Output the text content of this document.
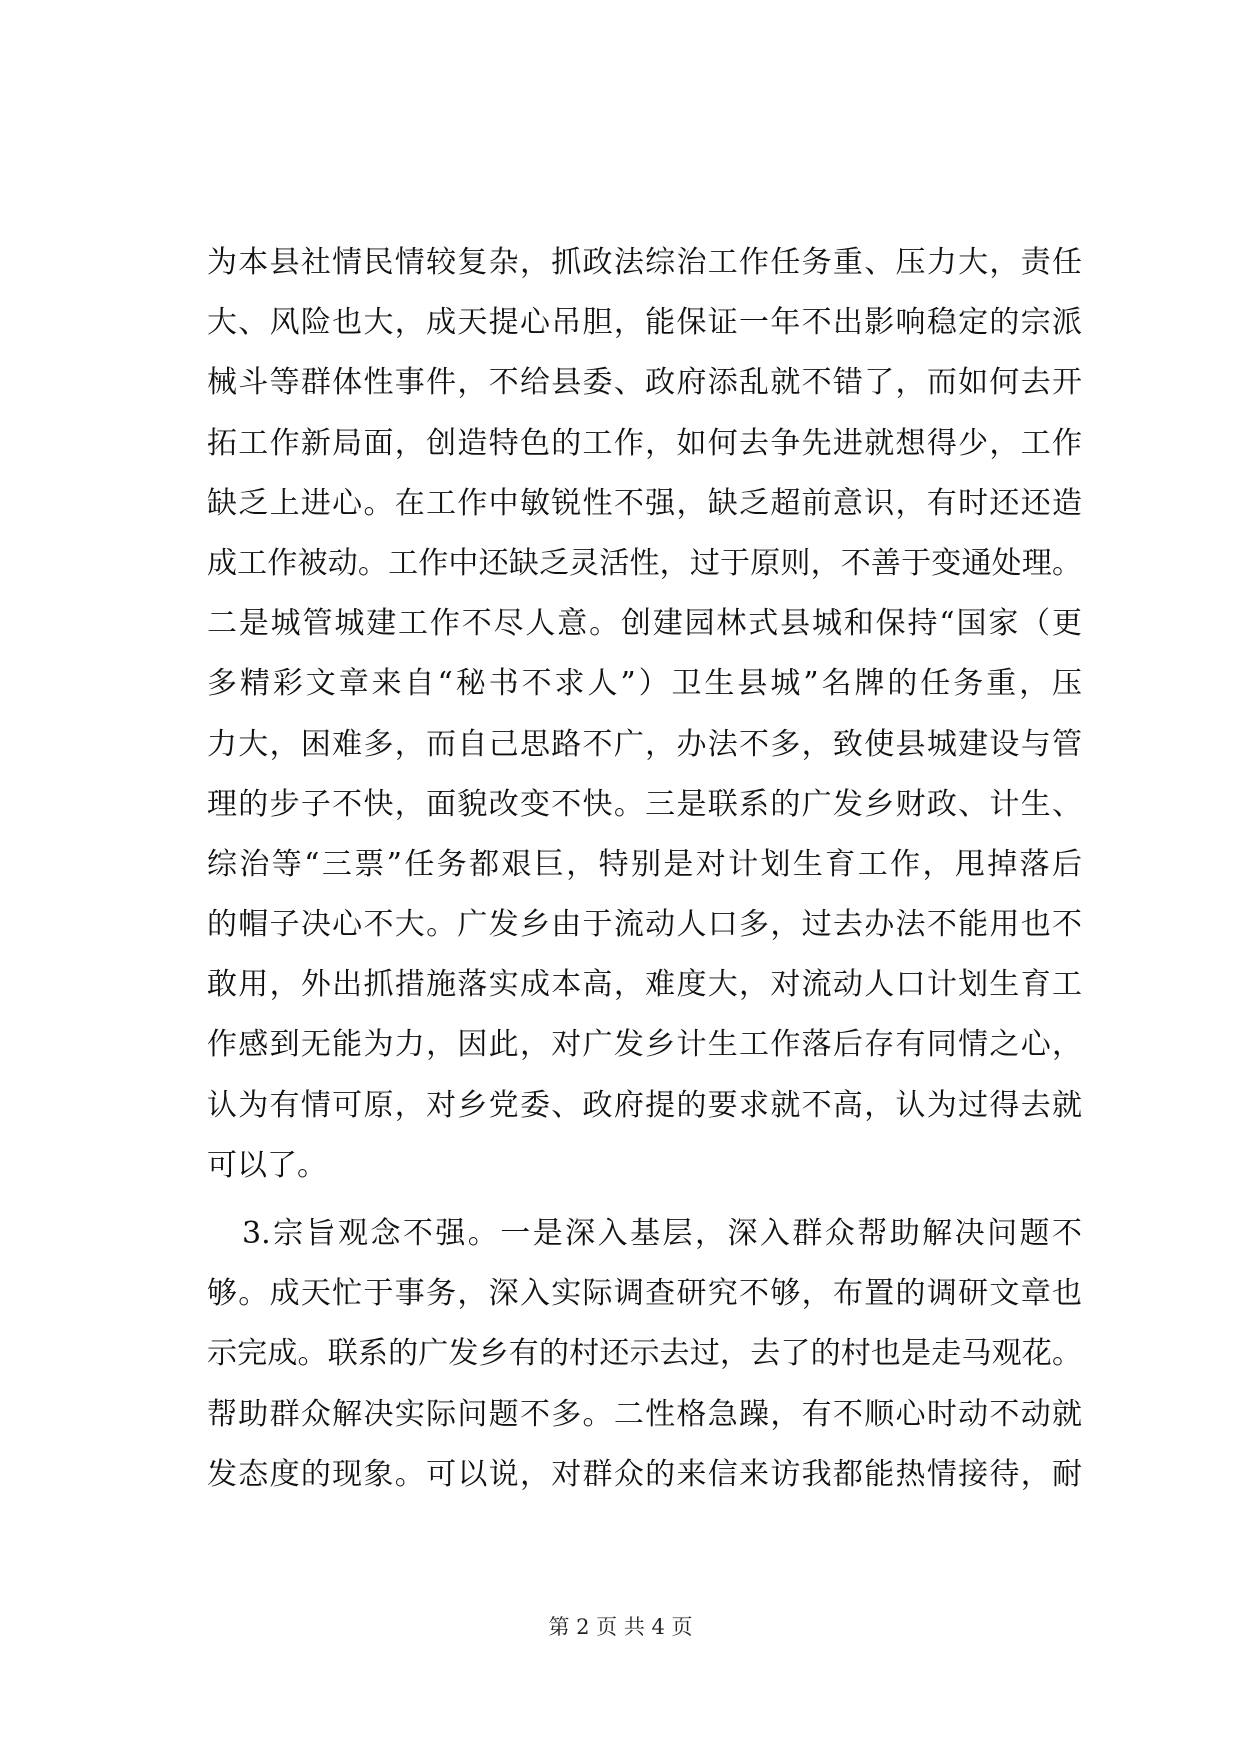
为本县社情民情较复杂，抓政法综治工作任务重、压力大，责任
大、风险也大，成天提心吊胆，能保证一年不出影响稳定的宗派
械斗等群体性事件，不给县委、政府添乱就不错了，而如何去开
拓工作新局面，创造特色的工作，如何去争先进就想得少，工作
缺乏上进心。在工作中敏锐性不强，缺乏超前意识，有时还还造
成工作被动。工作中还缺乏灵活性，过于原则，不善于变通处理。
二是城管城建工作不尽人意。创建园林式县城和保持“国家（更
多精彩文章来自“秘书不求人”）卫生县城”名牌的任务重，压
力大，困难多，而自己思路不广，办法不多，致使县城建设与管
理的步子不快，面貌改变不快。三是联系的广发乡财政、计生、
综治等“三票”任务都艰巨，特别是对计划生育工作，甩掉落后
的帽子决心不大。广发乡由于流动人口多，过去办法不能用也不
敢用，外出抓措施落实成本高，难度大，对流动人口计划生育工
作感到无能为力，因此，对广发乡计生工作落后存有同情之心，
认为有情可原，对乡党委、政府提的要求就不高，认为过得去就
可以了。
3.宗旨观念不强。一是深入基层，深入群众帮助解决问题不
够。成天忙于事务，深入实际调查研究不够，布置的调研文章也
示完成。联系的广发乡有的村还示去过，去了的村也是走马观花。
帮助群众解决实际问题不多。二性格急躁，有不顺心时动不动就
发态度的现象。可以说，对群众的来信来访我都能热情接待，耐
第 2 页 共 4 页
